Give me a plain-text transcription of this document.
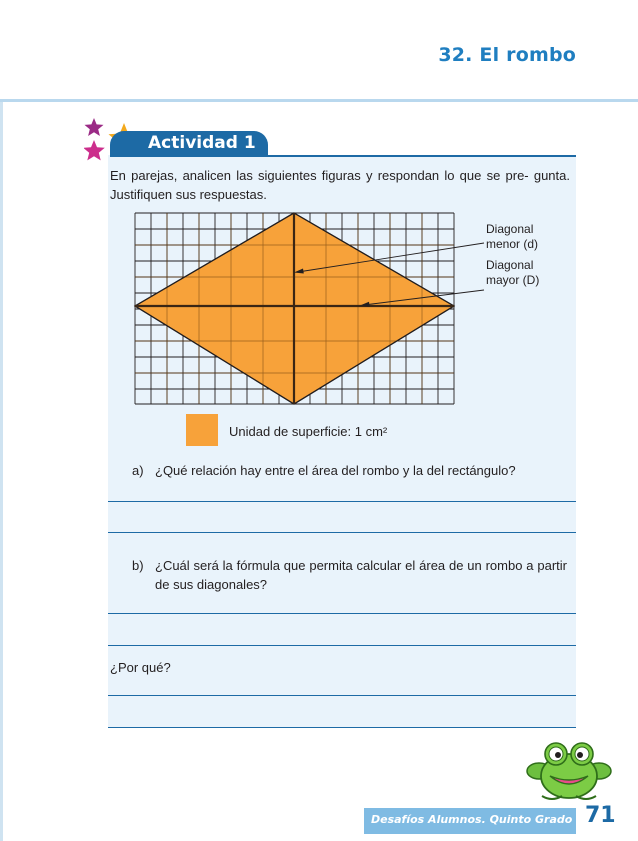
32. El rombo
Actividad 1

En parejas, analicen las siguientes figuras y respondan lo que se pre- gunta. Justifiquen sus respuestas.

Diagonal
menor (d)
Diagonal
mayor (D)
Unidad de superficie: 1 cm²
a) ¿Qué relación hay entre el área del rombo y la del rectángulo?
b) ¿Cuál será la fórmula que permita calcular el área de un rombo a partir de sus diagonales?
¿Por qué?
Desafíos Alumnos. Quinto Grado 71
